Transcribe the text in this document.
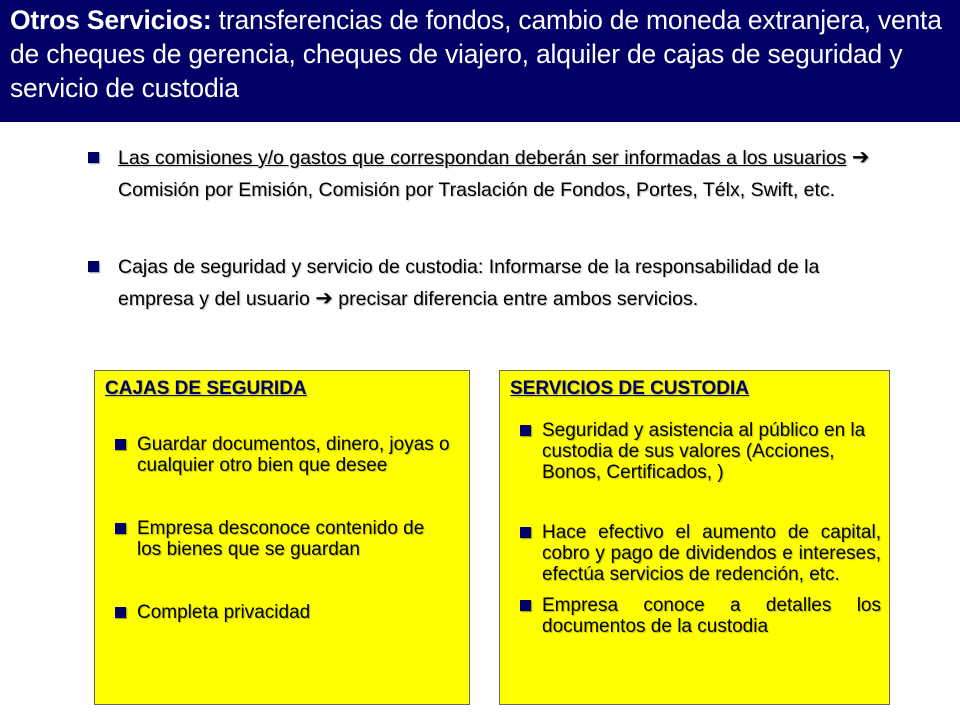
Otros Servicios: transferencias de fondos, cambio de moneda extranjera, venta de cheques de gerencia, cheques de viajero, alquiler de cajas de seguridad y servicio de custodia
Las comisiones y/o gastos que correspondan deberán ser informadas a los usuarios ➔ Comisión por Emisión, Comisión por Traslación de Fondos, Portes, Télx, Swift, etc.
Cajas de seguridad y servicio de custodia: Informarse de la responsabilidad de la empresa y del usuario ➔ precisar diferencia entre ambos servicios.
CAJAS DE SEGURIDA
Guardar documentos, dinero, joyas o cualquier otro bien que desee
Empresa desconoce contenido de los bienes que se guardan
Completa privacidad
SERVICIOS DE CUSTODIA
Seguridad y asistencia al público en la custodia de sus valores (Acciones, Bonos, Certificados, )
Hace efectivo el aumento de capital, cobro y pago de dividendos e intereses, efectúa servicios de redención, etc.
Empresa conoce a detalles los documentos de la custodia
